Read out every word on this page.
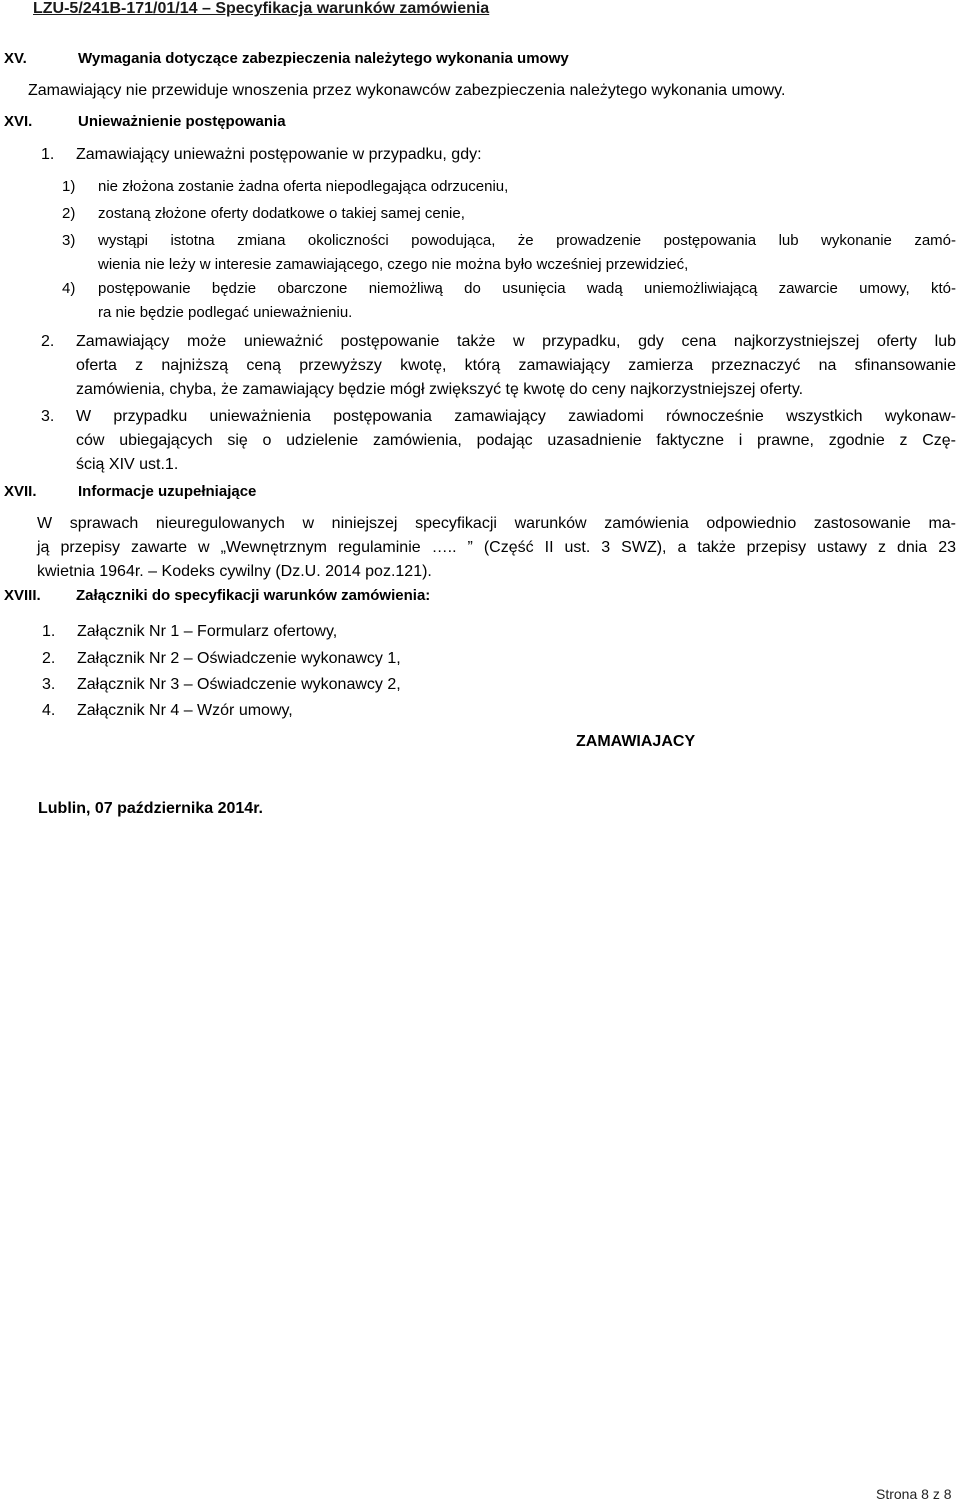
LZU-5/241B-171/01/14 – Specyfikacja warunków zamówienia
XV.	Wymagania dotyczące zabezpieczenia należytego wykonania umowy
Zamawiający nie przewiduje wnoszenia przez wykonawców zabezpieczenia należytego wykonania umowy.
XVI.	Unieważnienie postępowania
1. Zamawiający unieważni postępowanie w przypadku, gdy:
1) nie złożona zostanie żadna oferta niepodlegająca odrzuceniu,
2) zostaną złożone oferty dodatkowe o takiej samej cenie,
3) wystąpi istotna zmiana okoliczności powodująca, że prowadzenie postępowania lub wykonanie zamó-
wienia nie leży w interesie zamawiającego, czego nie można było wcześniej przewidzieć,
4) postępowanie będzie obarczone niemożliwą do usunięcia wadą uniemożliwiającą zawarcie umowy, któ-
ra nie będzie podlegać unieważnieniu.
2. Zamawiający może unieważnić postępowanie także w przypadku, gdy cena najkorzystniejszej oferty lub
oferta z najniższą ceną przewyższy kwotę, którą zamawiający zamierza przeznaczyć na sfinansowanie
zamówienia, chyba, że zamawiający będzie mógł zwiększyć tę kwotę do ceny najkorzystniejszej oferty.
3. W przypadku unieważnienia postępowania zamawiający zawiadomi równocześnie wszystkich wykonaw-
ców ubiegających się o udzielenie zamówienia, podając uzasadnienie faktyczne i prawne, zgodnie z Czę-
ścią XIV ust.1.
XVII.	Informacje uzupełniające
W sprawach nieuregulowanych w niniejszej specyfikacji warunków zamówienia odpowiednio zastosowanie ma-
ją przepisy zawarte w „Wewnętrznym regulaminie ….. ” (Część II ust. 3 SWZ), a także przepisy ustawy z dnia 23
kwietnia 1964r. – Kodeks cywilny (Dz.U. 2014 poz.121).
XVIII. Załączniki do specyfikacji warunków zamówienia:
1. Załącznik Nr 1 – Formularz ofertowy,
2. Załącznik Nr 2 – Oświadczenie wykonawcy 1,
3. Załącznik Nr 3 – Oświadczenie wykonawcy 2,
4. Załącznik Nr 4 – Wzór umowy,
ZAMAWIAJACY
Lublin, 07 października 2014r.
Strona 8 z 8
